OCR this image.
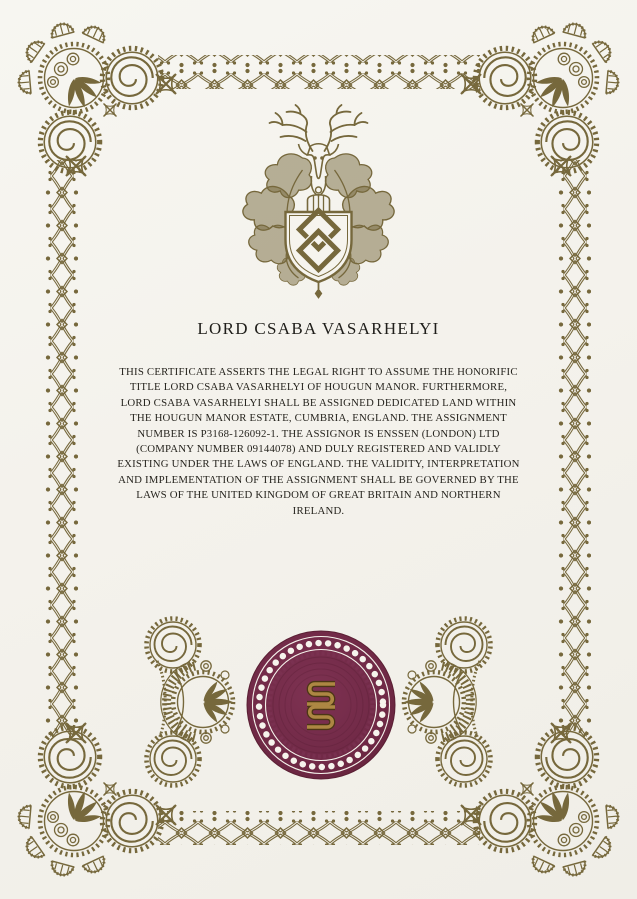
LORD CSABA VASARHELYI
THIS CERTIFICATE ASSERTS THE LEGAL RIGHT TO ASSUME THE HONORIFIC
TITLE LORD CSABA VASARHELYI OF HOUGUN MANOR. FURTHERMORE,
LORD CSABA VASARHELYI SHALL BE ASSIGNED DEDICATED LAND WITHIN
THE HOUGUN MANOR ESTATE, CUMBRIA, ENGLAND. THE ASSIGNMENT
NUMBER IS P3168-126092-1. THE ASSIGNOR IS ENSSEN (LONDON) LTD
(COMPANY NUMBER 09144078) AND DULY REGISTERED AND VALIDLY
EXISTING UNDER THE LAWS OF ENGLAND. THE VALIDITY, INTERPRETATION
AND IMPLEMENTATION OF THE ASSIGNMENT SHALL BE GOVERNED BY THE
LAWS OF THE UNITED KINGDOM OF GREAT BRITAIN AND NORTHERN
IRELAND.
